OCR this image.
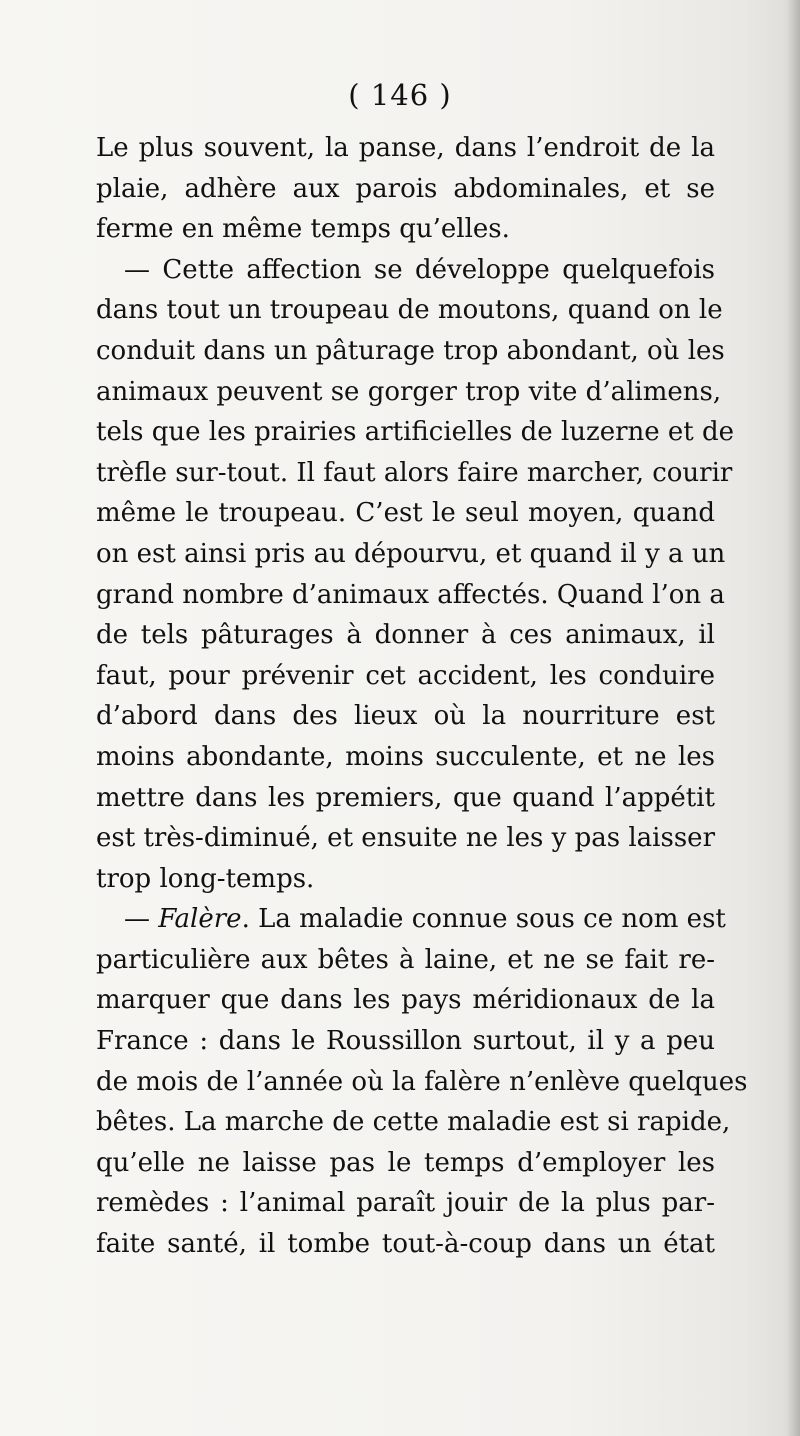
( 146 )
Le plus souvent, la panse, dans l’endroit de la
plaie, adhère aux parois abdominales, et se
ferme en même temps qu’elles.
— Cette affection se développe quelquefois
dans tout un troupeau de moutons, quand on le
conduit dans un pâturage trop abondant, où les
animaux peuvent se gorger trop vite d’alimens,
tels que les prairies artificielles de luzerne et de
trèfle sur-tout. Il faut alors faire marcher, courir
même le troupeau. C’est le seul moyen, quand
on est ainsi pris au dépourvu, et quand il y a un
grand nombre d’animaux affectés. Quand l’on a
de tels pâturages à donner à ces animaux, il
faut, pour prévenir cet accident, les conduire
d’abord dans des lieux où la nourriture est
moins abondante, moins succulente, et ne les
mettre dans les premiers, que quand l’appétit
est très-diminué, et ensuite ne les y pas laisser
trop long-temps.
— Falère. La maladie connue sous ce nom est
particulière aux bêtes à laine, et ne se fait re-
marquer que dans les pays méridionaux de la
France : dans le Roussillon surtout, il y a peu
de mois de l’année où la falère n’enlève quelques
bêtes. La marche de cette maladie est si rapide,
qu’elle ne laisse pas le temps d’employer les
remèdes : l’animal paraît jouir de la plus par-
faite santé, il tombe tout-à-coup dans un état
